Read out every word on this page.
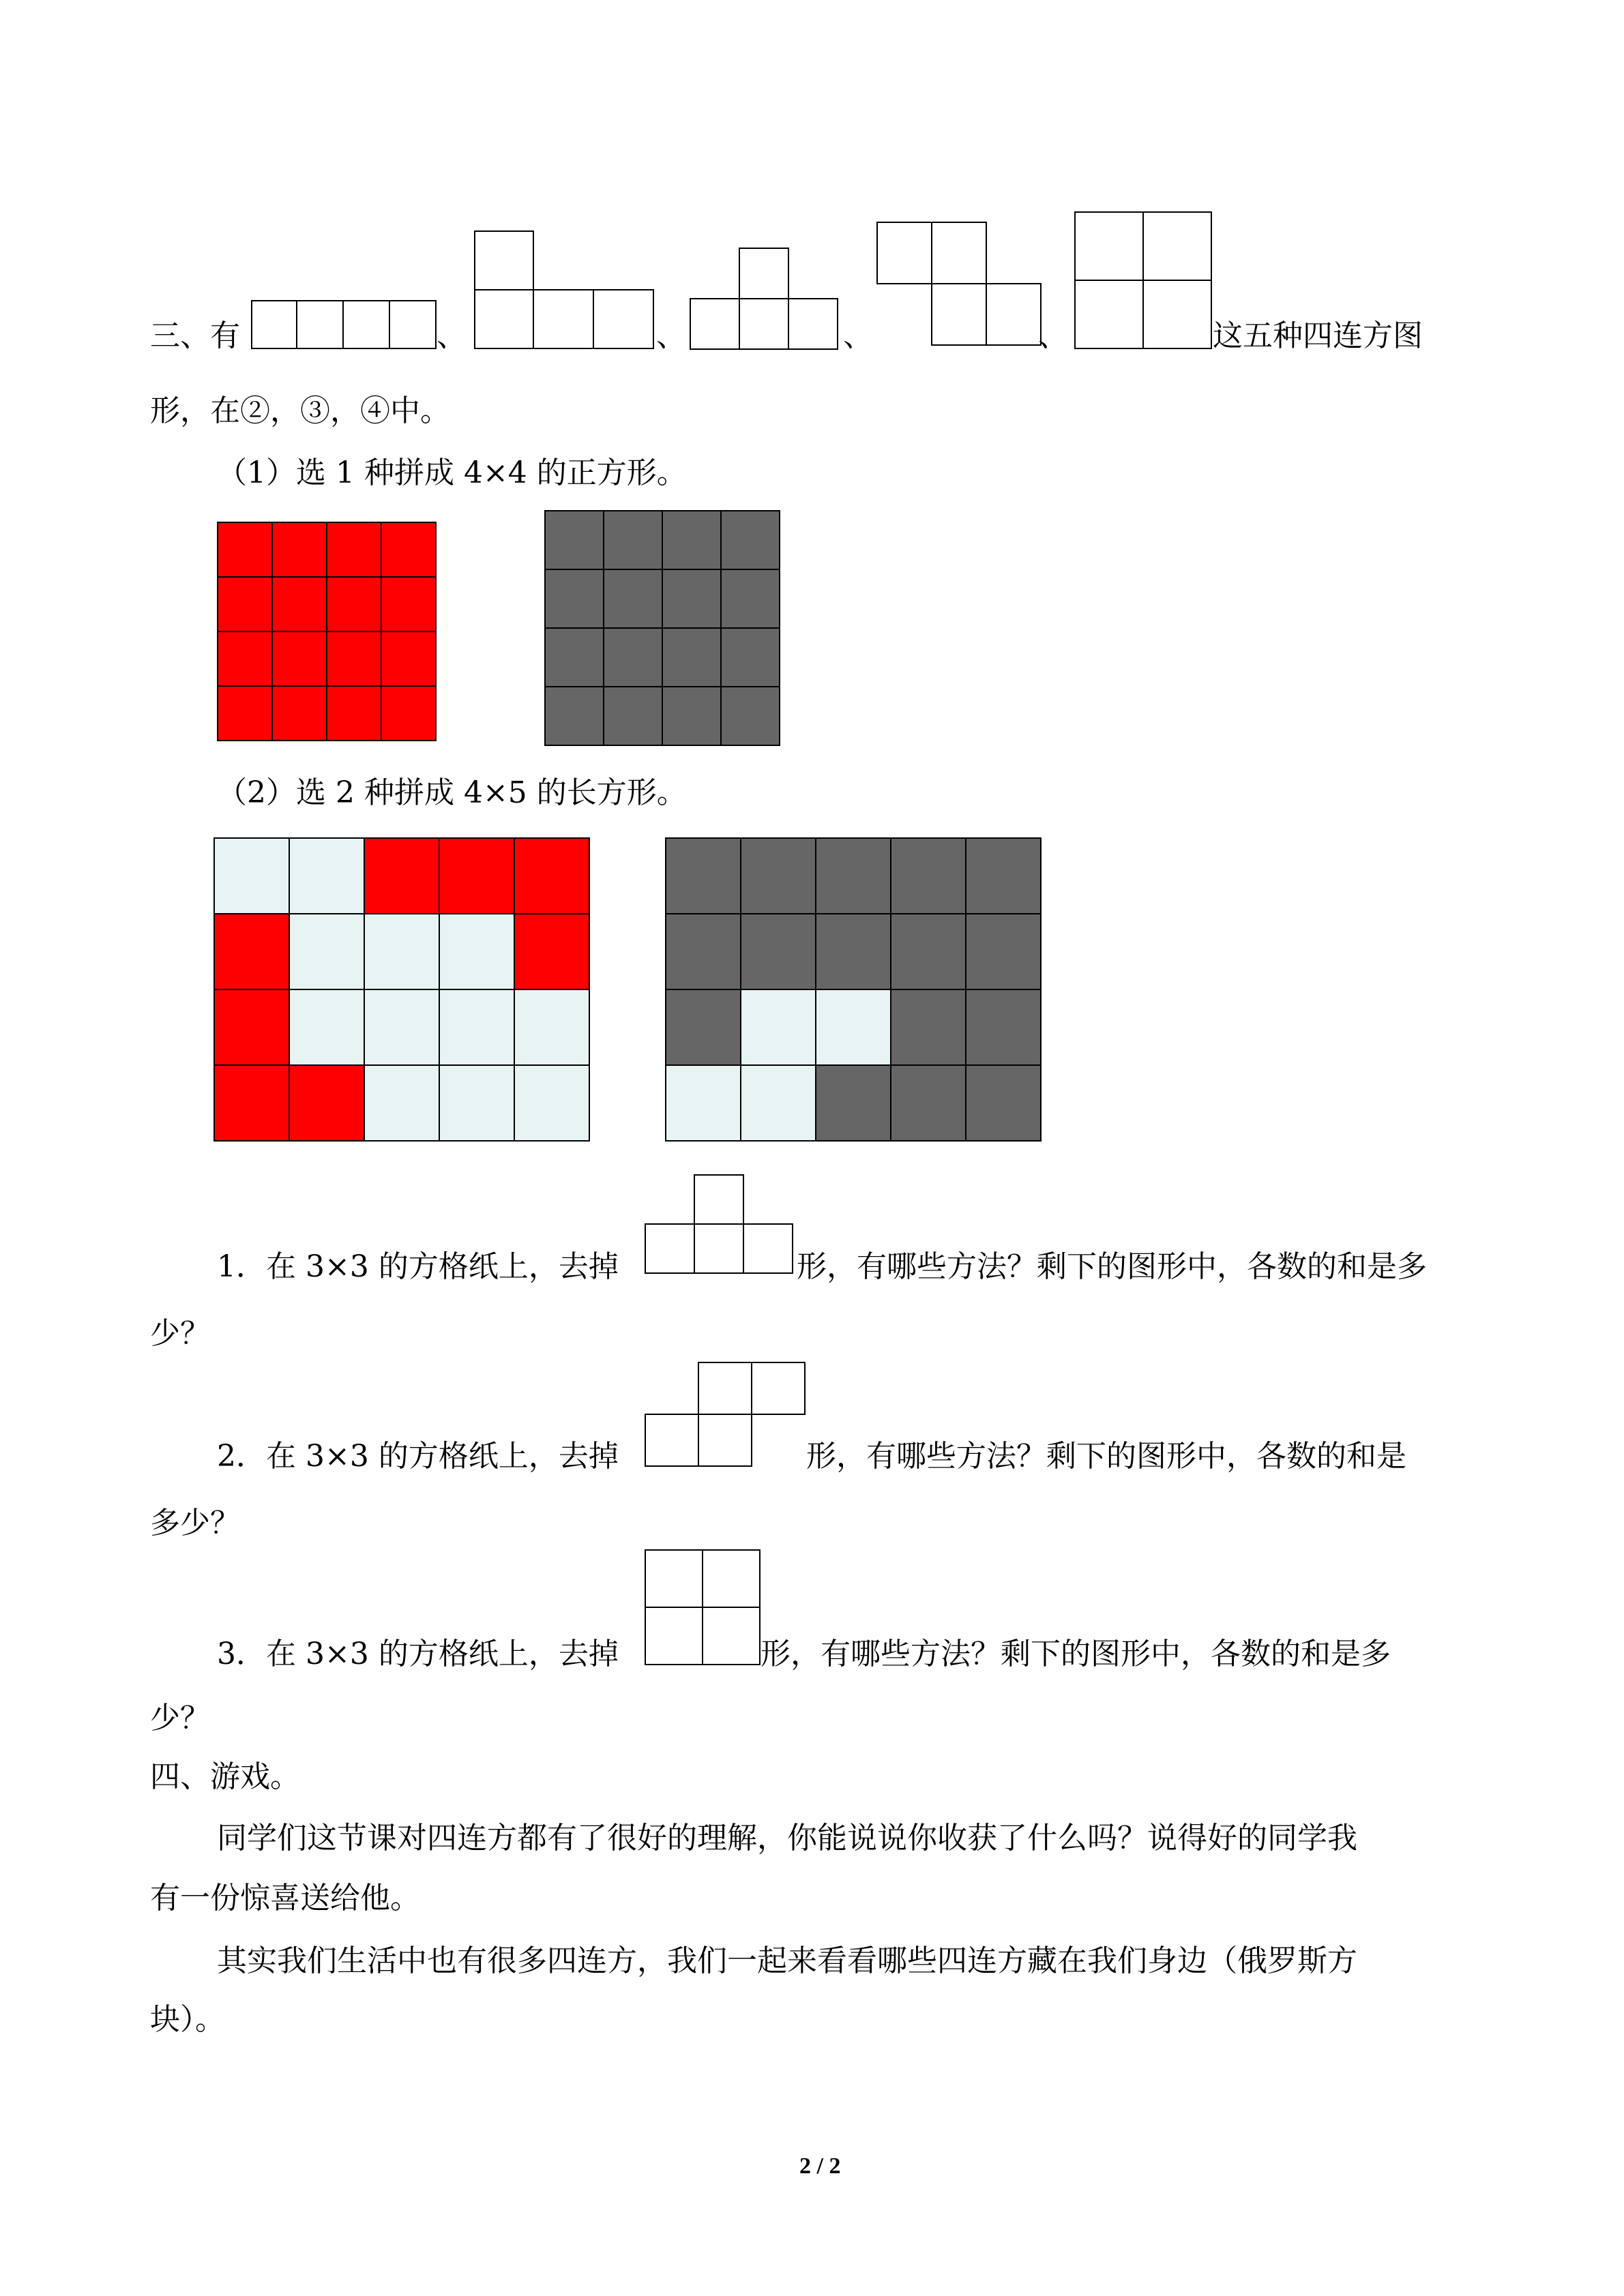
三、有	、	、	、	、	这五种四连方图
形，在②，③，④中。
（1）选 1 种拼成 4×4 的正方形。
（2）选 2 种拼成 4×5 的长方形。
1．在 3×3 的方格纸上，去掉	形，有哪些方法？剩下的图形中，各数的和是多
少？
2．在 3×3 的方格纸上，去掉	形，有哪些方法？剩下的图形中，各数的和是
多少？
3．在 3×3 的方格纸上，去掉	形，有哪些方法？剩下的图形中，各数的和是多
少？
四、游戏。
同学们这节课对四连方都有了很好的理解，你能说说你收获了什么吗？说得好的同学我
有一份惊喜送给他。
其实我们生活中也有很多四连方，我们一起来看看哪些四连方藏在我们身边（俄罗斯方
块）。
2 / 2
